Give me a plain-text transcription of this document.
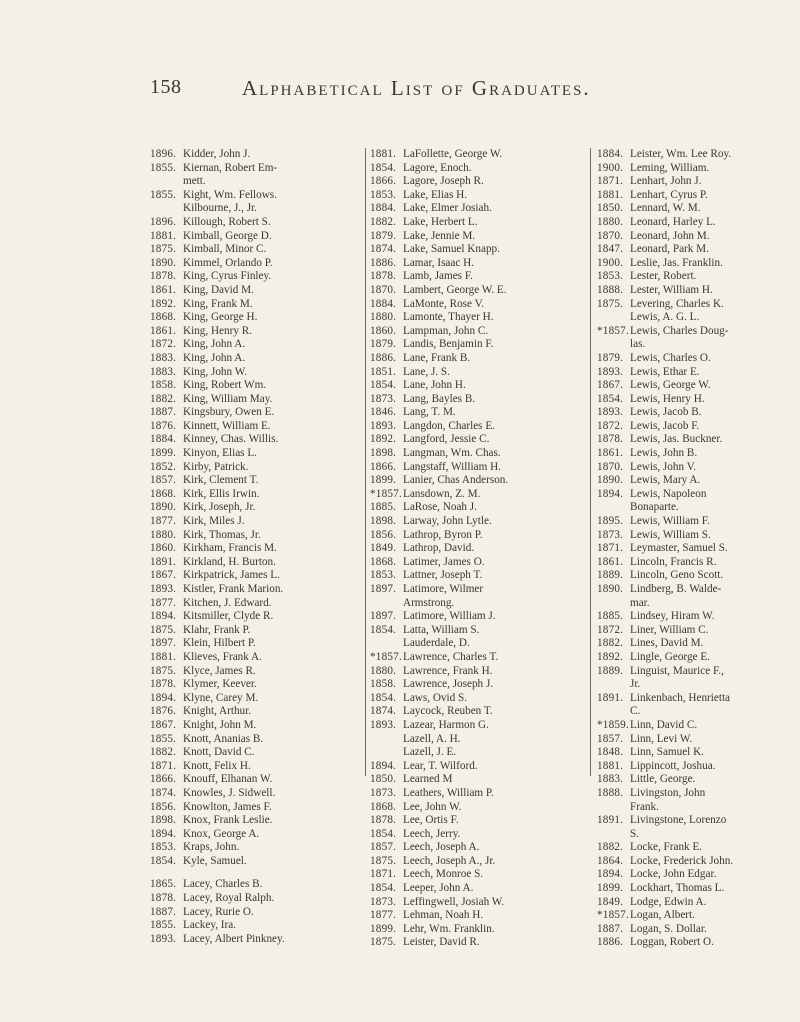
158	Alphabetical List of Graduates.
1896. Kidder, John J.
1855. Kiernan, Robert Em-
mett.
1855. Kight, Wm. Fellows.
Kilbourne, J., Jr.
1896. Killough, Robert S.
1881. Kimball, George D.
1875. Kimball, Minor C.
1890. Kimmel, Orlando P.
1878. King, Cyrus Finley.
1861. King, David M.
1892. King, Frank M.
1868. King, George H.
1861. King, Henry R.
1872. King, John A.
1883. King, John A.
1883. King, John W.
1858. King, Robert Wm.
1882. King, William May.
1887. Kingsbury, Owen E.
1876. Kinnett, William E.
1884. Kinney, Chas. Willis.
1899. Kinyon, Elias L.
1852. Kirby, Patrick.
1857. Kirk, Clement T.
1868. Kirk, Ellis Irwin.
1890. Kirk, Joseph, Jr.
1877. Kirk, Miles J.
1880. Kirk, Thomas, Jr.
1860. Kirkham, Francis M.
1891. Kirkland, H. Burton.
1867. Kirkpatrick, James L.
1893. Kistler, Frank Marion.
1877. Kitchen, J. Edward.
1894. Kitsmiller, Clyde R.
1875. Klahr, Frank P.
1897. Klein, Hilbert P.
1881. Klieves, Frank A.
1875. Klyce, James R.
1878. Klymer, Keever.
1894. Klyne, Carey M.
1876. Knight, Arthur.
1867. Knight, John M.
1855. Knott, Ananias B.
1882. Knott, David C.
1871. Knott, Felix H.
1866. Knouff, Elhanan W.
1874. Knowles, J. Sidwell.
1856. Knowlton, James F.
1898. Knox, Frank Leslie.
1894. Knox, George A.
1853. Kraps, John.
1854. Kyle, Samuel.
1865. Lacey, Charles B.
1878. Lacey, Royal Ralph.
1887. Lacey, Rurie O.
1855. Lackey, Ira.
1893. Lacey, Albert Pinkney.
1881. LaFollette, George W.
1854. Lagore, Enoch.
1866. Lagore, Joseph R.
1853. Lake, Elias H.
1884. Lake, Elmer Josiah.
1882. Lake, Herbert L.
1879. Lake, Jennie M.
1874. Lake, Samuel Knapp.
1886. Lamar, Isaac H.
1878. Lamb, James F.
1870. Lambert, George W. E.
1884. LaMonte, Rose V.
1880. Lamonte, Thayer H.
1860. Lampman, John C.
1879. Landis, Benjamin F.
1886. Lane, Frank B.
1851. Lane, J. S.
1854. Lane, John H.
1873. Lang, Bayles B.
1846. Lang, T. M.
1893. Langdon, Charles E.
1892. Langford, Jessie C.
1898. Langman, Wm. Chas.
1866. Langstaff, William H.
1899. Lanier, Chas Anderson.
*1857. Lansdown, Z. M.
1885. LaRose, Noah J.
1898. Larway, John Lytle.
1856. Lathrop, Byron P.
1849. Lathrop, David.
1868. Latimer, James O.
1853. Lattner, Joseph T.
1897. Latimore, Wilmer
Armstrong.
1897. Latimore, William J.
1854. Latta, William S.
Lauderdale, D.
*1857. Lawrence, Charles T.
1880. Lawrence, Frank H.
1858. Lawrence, Joseph J.
1854. Laws, Ovid S.
1874. Laycock, Reuben T.
1893. Lazear, Harmon G.
Lazell, A. H.
Lazell, J. E.
1894. Lear, T. Wilford.
1850. Learned M
1873. Leathers, William P.
1868. Lee, John W.
1878. Lee, Ortis F.
1854. Leech, Jerry.
1857. Leech, Joseph A.
1875. Leech, Joseph A., Jr.
1871. Leech, Monroe S.
1854. Leeper, John A.
1873. Leffingwell, Josiah W.
1877. Lehman, Noah H.
1899. Lehr, Wm. Franklin.
1875. Leister, David R.
1884. Leister, Wm. Lee Roy.
1900. Leming, William.
1871. Lenhart, John J.
1881. Lenhart, Cyrus P.
1850. Lennard, W. M.
1880. Leonard, Harley L.
1870. Leonard, John M.
1847. Leonard, Park M.
1900. Leslie, Jas. Franklin.
1853. Lester, Robert.
1888. Lester, William H.
1875. Levering, Charles K.
Lewis, A. G. L.
*1857. Lewis, Charles Doug-
las.
1879. Lewis, Charles O.
1893. Lewis, Ethar E.
1867. Lewis, George W.
1854. Lewis, Henry H.
1893. Lewis, Jacob B.
1872. Lewis, Jacob F.
1878. Lewis, Jas. Buckner.
1861. Lewis, John B.
1870. Lewis, John V.
1890. Lewis, Mary A.
1894. Lewis, Napoleon
Bonaparte.
1895. Lewis, William F.
1873. Lewis, William S.
1871. Leymaster, Samuel S.
1861. Lincoln, Francis R.
1889. Lincoln, Geno Scott.
1890. Lindberg, B. Walde-
mar.
1885. Lindsey, Hiram W.
1872. Liner, William C.
1882. Lines, David M.
1892. Lingle, George E.
1889. Linguist, Maurice F.,
Jr.
1891. Linkenbach, Henrietta
C.
*1859. Linn, David C.
1857. Linn, Levi W.
1848. Linn, Samuel K.
1881. Lippincott, Joshua.
1883. Little, George.
1888. Livingston, John
Frank.
1891. Livingstone, Lorenzo
S.
1882. Locke, Frank E.
1864. Locke, Frederick John.
1894. Locke, John Edgar.
1899. Lockhart, Thomas L.
1849. Lodge, Edwin A.
*1857. Logan, Albert.
1887. Logan, S. Dollar.
1886. Loggan, Robert O.
